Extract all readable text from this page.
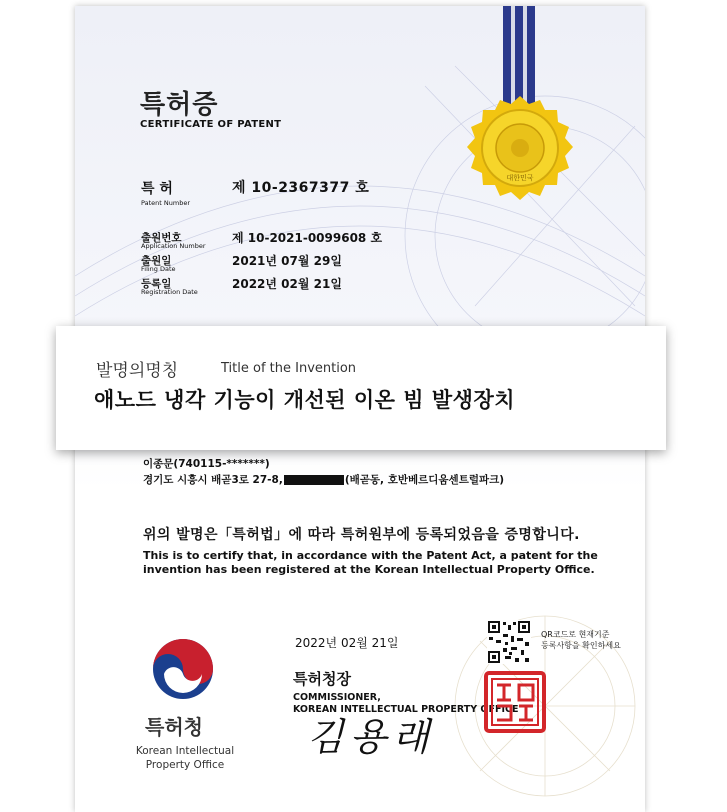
대한민국
특허증
CERTIFICATE OF PATENT
특 허
Patent Number
제 10-2367377 호
출원번호
Application Number
제 10-2021-0099608 호
출원일
Filing Date
2021년 07월 29일
등록일
Registration Date
2022년 02월 21일
이종문(740115-*******)
경기도 시흥시 배곧3로 27-8,	(배곧동, 호반베르디움센트럴파크)
위의 발명은「특허법」에 따라 특허원부에 등록되었음을 증명합니다.
This is to certify that, in accordance with the Patent Act, a patent for the invention has been registered at the Korean Intellectual Property Office.
2022년 02월 21일
QR코드로 현재기준
등록사항을 확인하세요
특허청
Korean Intellectual
Property Office
특허청장
COMMISSIONER,
KOREAN INTELLECTUAL PROPERTY OFFICE
김용래
발명의명칭	Title of the Invention
애노드 냉각 기능이 개선된 이온 빔 발생장치
